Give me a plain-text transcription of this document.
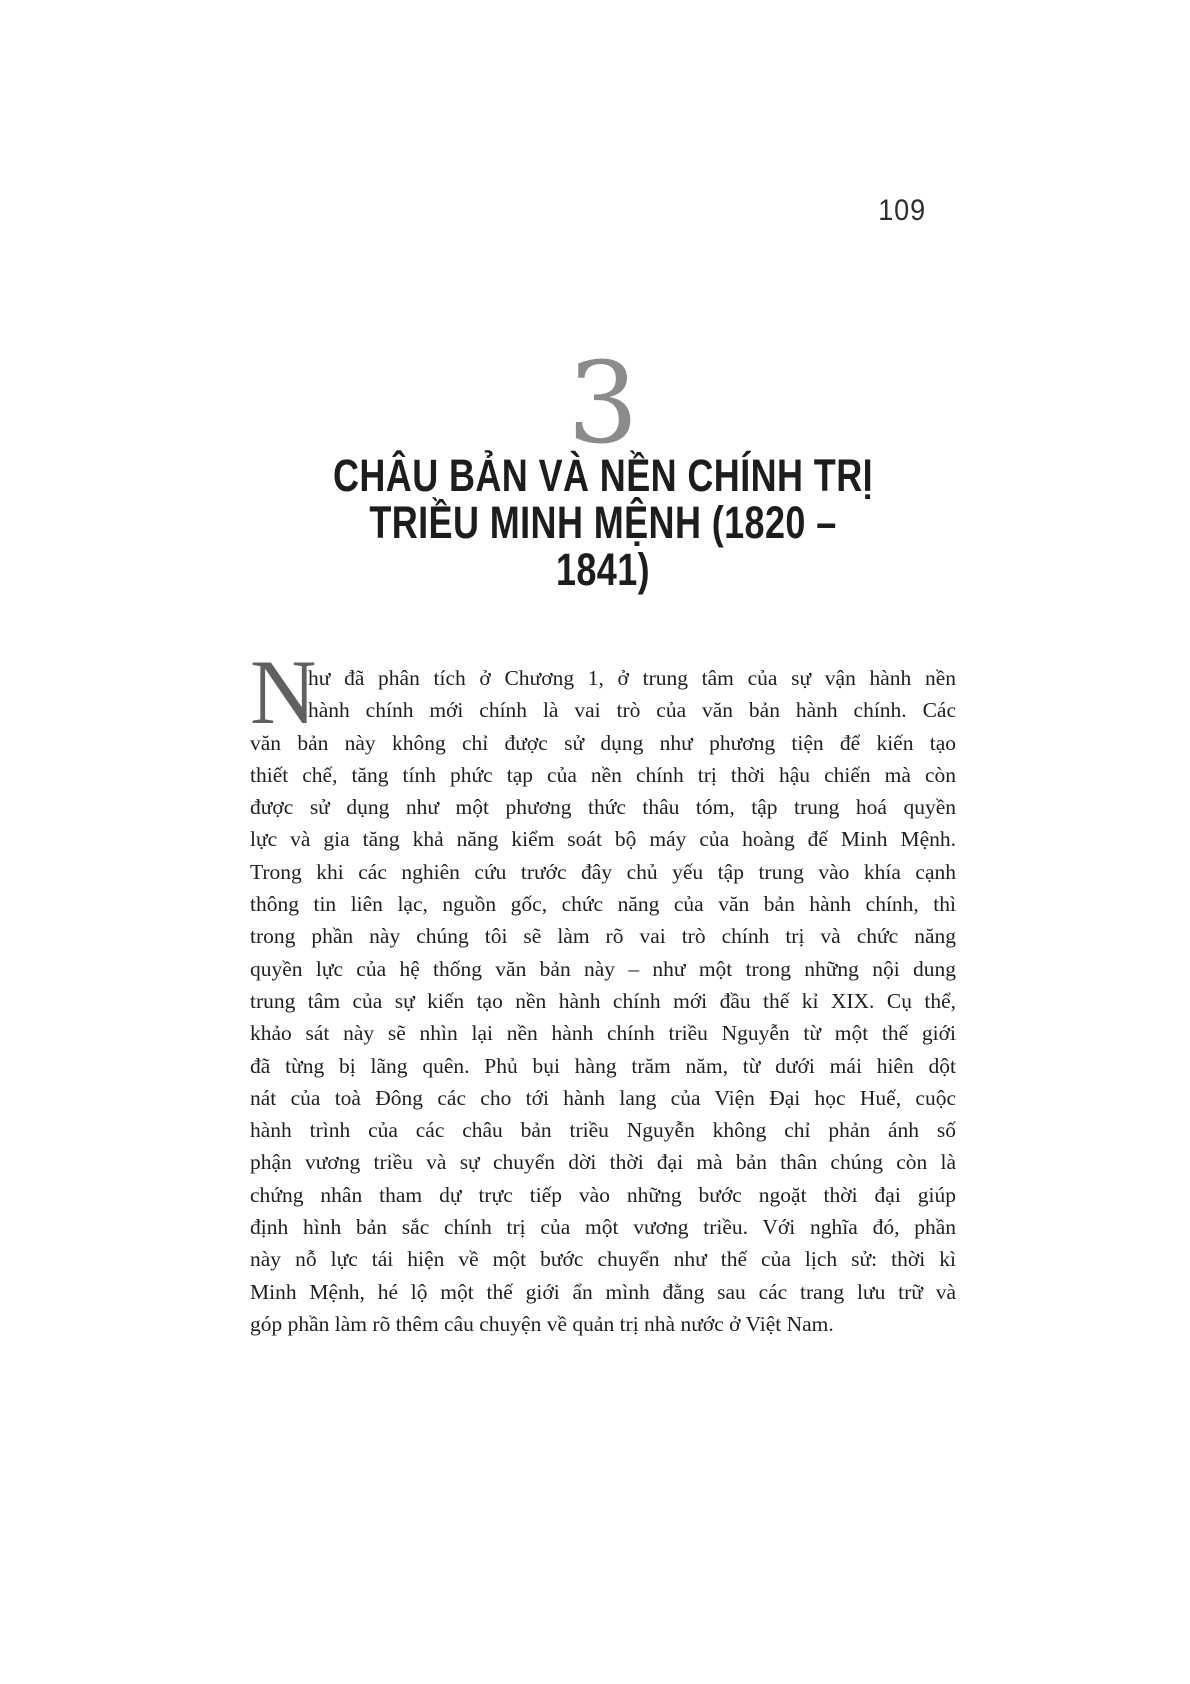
109
3
CHÂU BẢN VÀ NỀN CHÍNH TRỊ
TRIỀU MINH MỆNH (1820 – 1841)
N
hư đã phân tích ở Chương 1, ở trung tâm của sự vận hành nền
hành chính mới chính là vai trò của văn bản hành chính. Các
văn bản này không chỉ được sử dụng như phương tiện để kiến tạo
thiết chế, tăng tính phức tạp của nền chính trị thời hậu chiến mà còn
được sử dụng như một phương thức thâu tóm, tập trung hoá quyền
lực và gia tăng khả năng kiểm soát bộ máy của hoàng đế Minh Mệnh.
Trong khi các nghiên cứu trước đây chủ yếu tập trung vào khía cạnh
thông tin liên lạc, nguồn gốc, chức năng của văn bản hành chính, thì
trong phần này chúng tôi sẽ làm rõ vai trò chính trị và chức năng
quyền lực của hệ thống văn bản này – như một trong những nội dung
trung tâm của sự kiến tạo nền hành chính mới đầu thế kỉ XIX. Cụ thể,
khảo sát này sẽ nhìn lại nền hành chính triều Nguyễn từ một thế giới
đã từng bị lãng quên. Phủ bụi hàng trăm năm, từ dưới mái hiên dột
nát của toà Đông các cho tới hành lang của Viện Đại học Huế, cuộc
hành trình của các châu bản triều Nguyễn không chỉ phản ánh số
phận vương triều và sự chuyển dời thời đại mà bản thân chúng còn là
chứng nhân tham dự trực tiếp vào những bước ngoặt thời đại giúp
định hình bản sắc chính trị của một vương triều. Với nghĩa đó, phần
này nỗ lực tái hiện về một bước chuyển như thế của lịch sử: thời kì
Minh Mệnh, hé lộ một thế giới ẩn mình đằng sau các trang lưu trữ và
góp phần làm rõ thêm câu chuyện về quản trị nhà nước ở Việt Nam.
